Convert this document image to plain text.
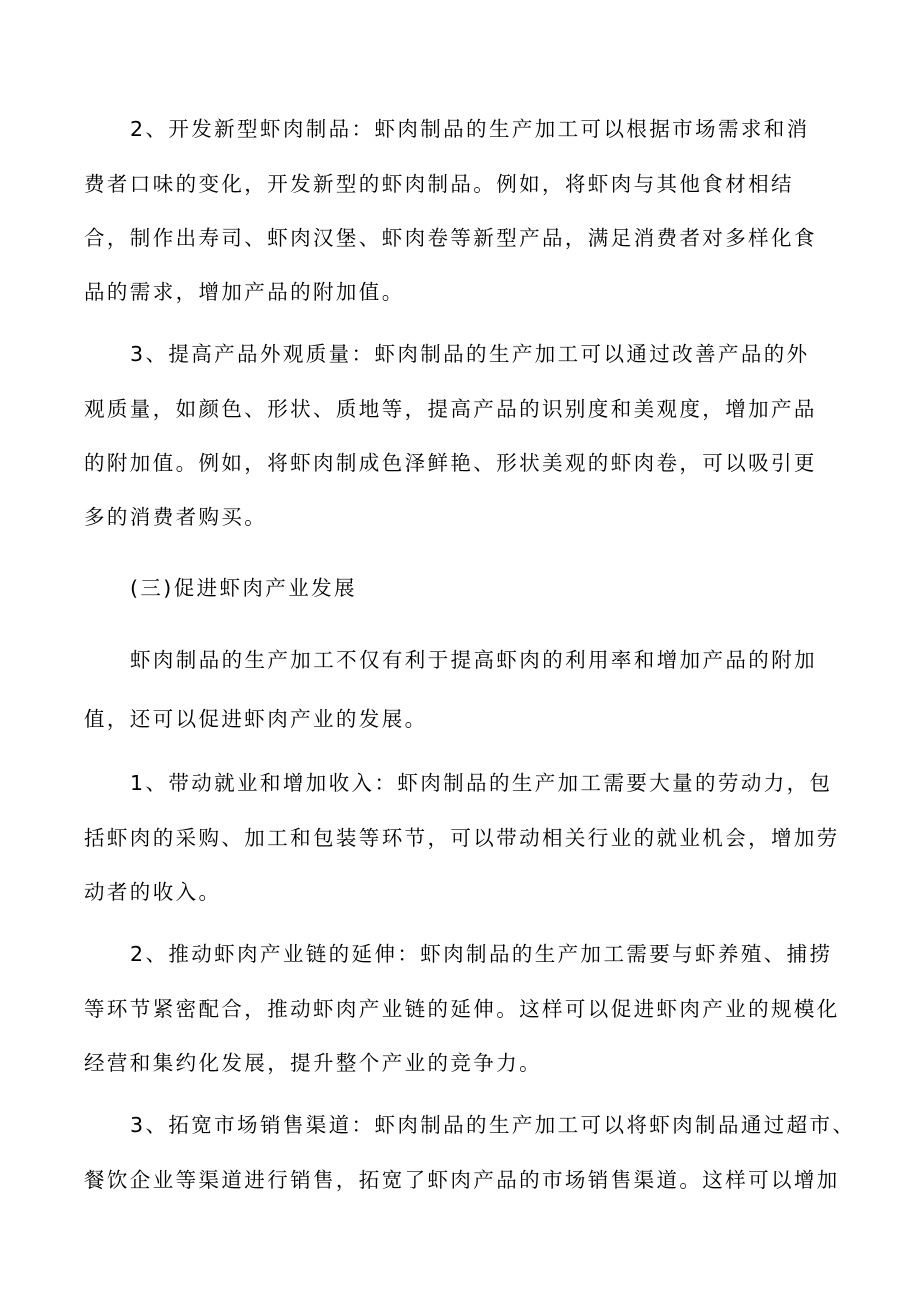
2、开发新型虾肉制品：虾肉制品的生产加工可以根据市场需求和消
费者口味的变化，开发新型的虾肉制品。例如，将虾肉与其他食材相结
合，制作出寿司、虾肉汉堡、虾肉卷等新型产品，满足消费者对多样化食
品的需求，增加产品的附加值。
3、提高产品外观质量：虾肉制品的生产加工可以通过改善产品的外
观质量，如颜色、形状、质地等，提高产品的识别度和美观度，增加产品
的附加值。例如，将虾肉制成色泽鲜艳、形状美观的虾肉卷，可以吸引更
多的消费者购买。
(三)促进虾肉产业发展
虾肉制品的生产加工不仅有利于提高虾肉的利用率和增加产品的附加
值，还可以促进虾肉产业的发展。
1、带动就业和增加收入：虾肉制品的生产加工需要大量的劳动力，包
括虾肉的采购、加工和包装等环节，可以带动相关行业的就业机会，增加劳
动者的收入。
2、推动虾肉产业链的延伸：虾肉制品的生产加工需要与虾养殖、捕捞
等环节紧密配合，推动虾肉产业链的延伸。这样可以促进虾肉产业的规模化
经营和集约化发展，提升整个产业的竞争力。
3、拓宽市场销售渠道：虾肉制品的生产加工可以将虾肉制品通过超市、
餐饮企业等渠道进行销售，拓宽了虾肉产品的市场销售渠道。这样可以增加
